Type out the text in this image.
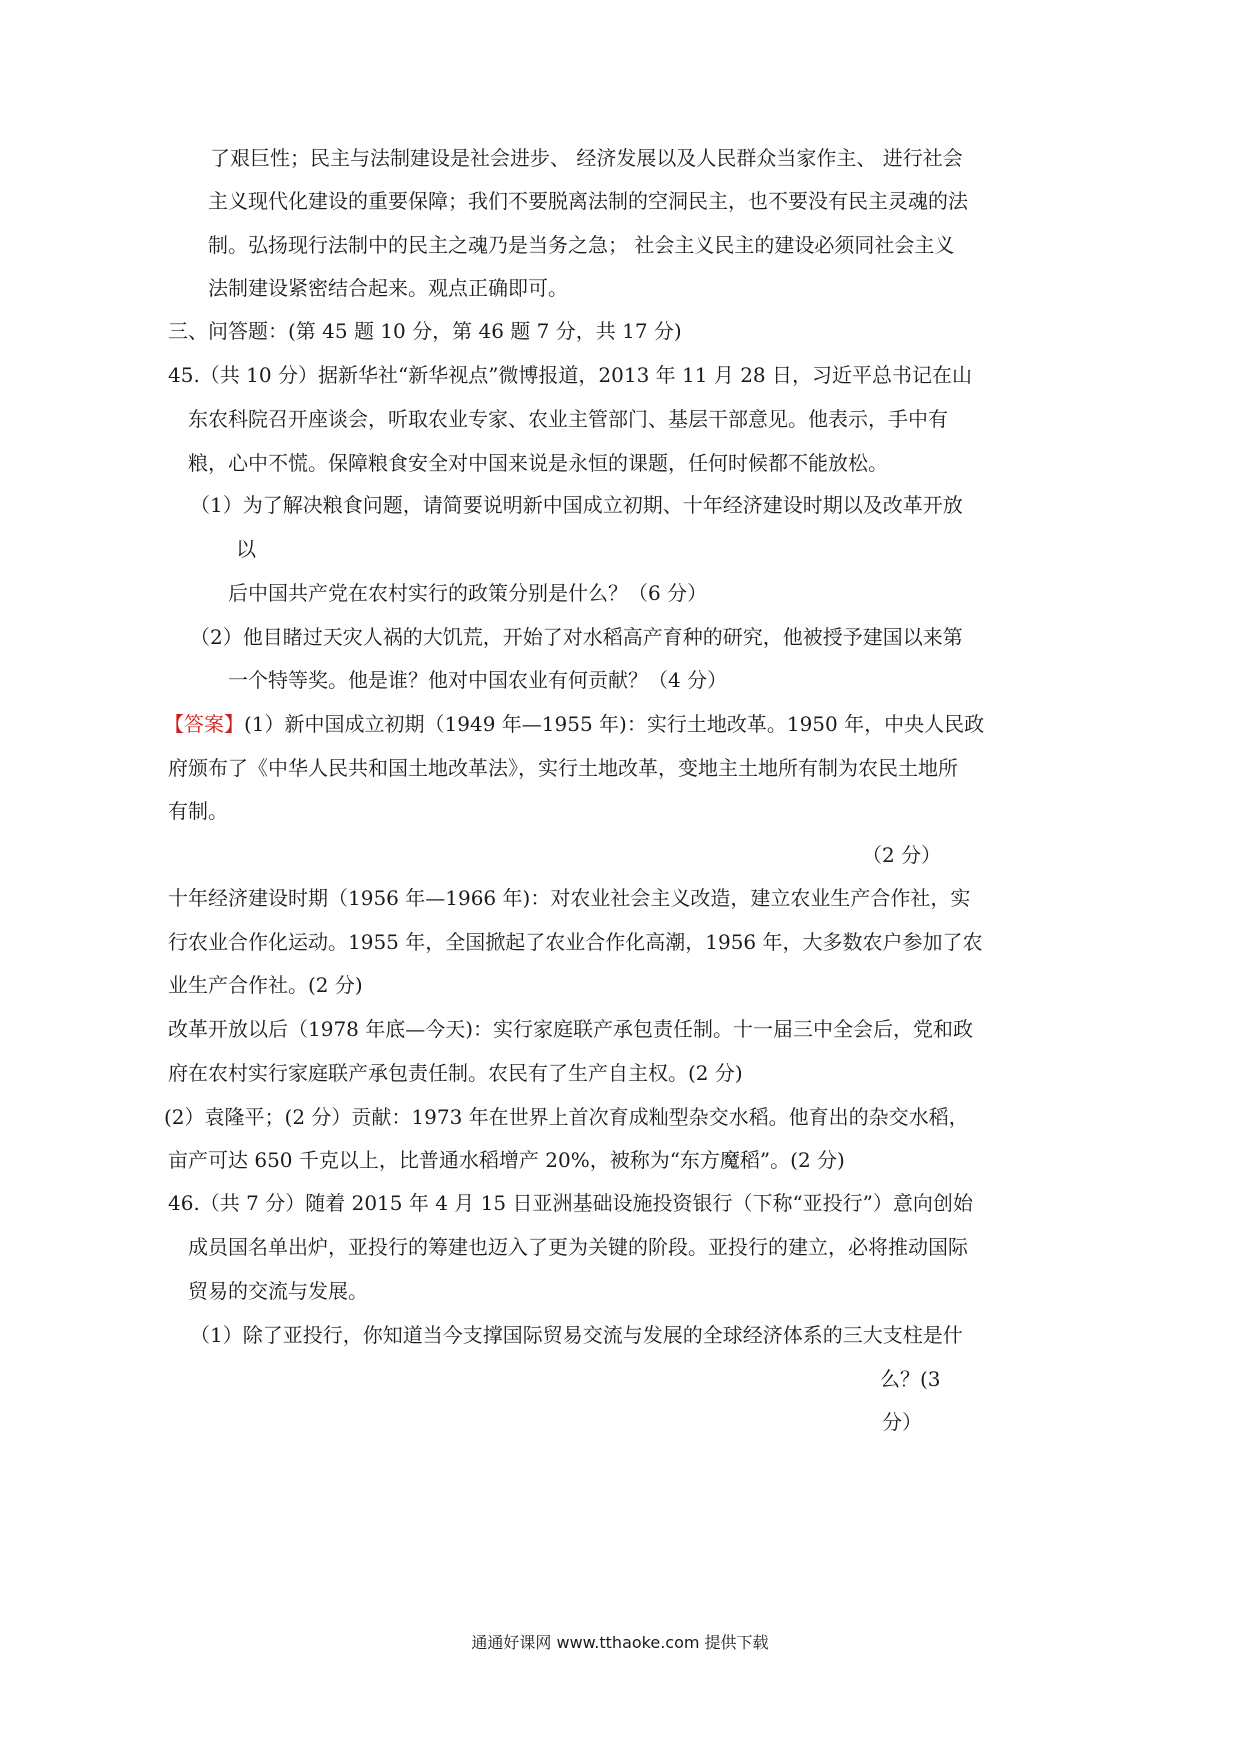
了艰巨性；民主与法制建设是社会进步、 经济发展以及人民群众当家作主、 进行社会
主义现代化建设的重要保障；我们不要脱离法制的空洞民主，也不要没有民主灵魂的法
制。弘扬现行法制中的民主之魂乃是当务之急； 社会主义民主的建设必须同社会主义
法制建设紧密结合起来。观点正确即可。
三、问答题：(第 45 题 10 分，第 46 题 7 分，共 17 分)
45.（共 10 分）据新华社“新华视点”微博报道，2013 年 11 月 28 日，习近平总书记在山
东农科院召开座谈会，听取农业专家、农业主管部门、基层干部意见。他表示，手中有
粮，心中不慌。保障粮食安全对中国来说是永恒的课题，任何时候都不能放松。
（1）为了解决粮食问题，请简要说明新中国成立初期、十年经济建设时期以及改革开放
以
后中国共产党在农村实行的政策分别是什么？（6 分）
（2）他目睹过天灾人祸的大饥荒，开始了对水稻高产育种的研究，他被授予建国以来第
一个特等奖。他是谁？他对中国农业有何贡献？（4 分）
【答案】(1）新中国成立初期（1949 年—1955 年)：实行土地改革。1950 年，中央人民政
府颁布了《中华人民共和国土地改革法》，实行土地改革，变地主土地所有制为农民土地所
有制。
（2 分）
十年经济建设时期（1956 年—1966 年)：对农业社会主义改造，建立农业生产合作社，实
行农业合作化运动。1955 年，全国掀起了农业合作化高潮，1956 年，大多数农户参加了农
业生产合作社。(2 分)
改革开放以后（1978 年底—今天)：实行家庭联产承包责任制。十一届三中全会后，党和政
府在农村实行家庭联产承包责任制。农民有了生产自主权。(2 分)
(2）袁隆平；(2 分）贡献：1973 年在世界上首次育成籼型杂交水稻。他育出的杂交水稻，
亩产可达 650 千克以上，比普通水稻增产 20%，被称为“东方魔稻”。(2 分)
46.（共 7 分）随着 2015 年 4 月 15 日亚洲基础设施投资银行（下称“亚投行”）意向创始
成员国名单出炉，亚投行的筹建也迈入了更为关键的阶段。亚投行的建立，必将推动国际
贸易的交流与发展。
（1）除了亚投行，你知道当今支撑国际贸易交流与发展的全球经济体系的三大支柱是什
么？(3
分）
通通好课网 www.tthaoke.com 提供下载
